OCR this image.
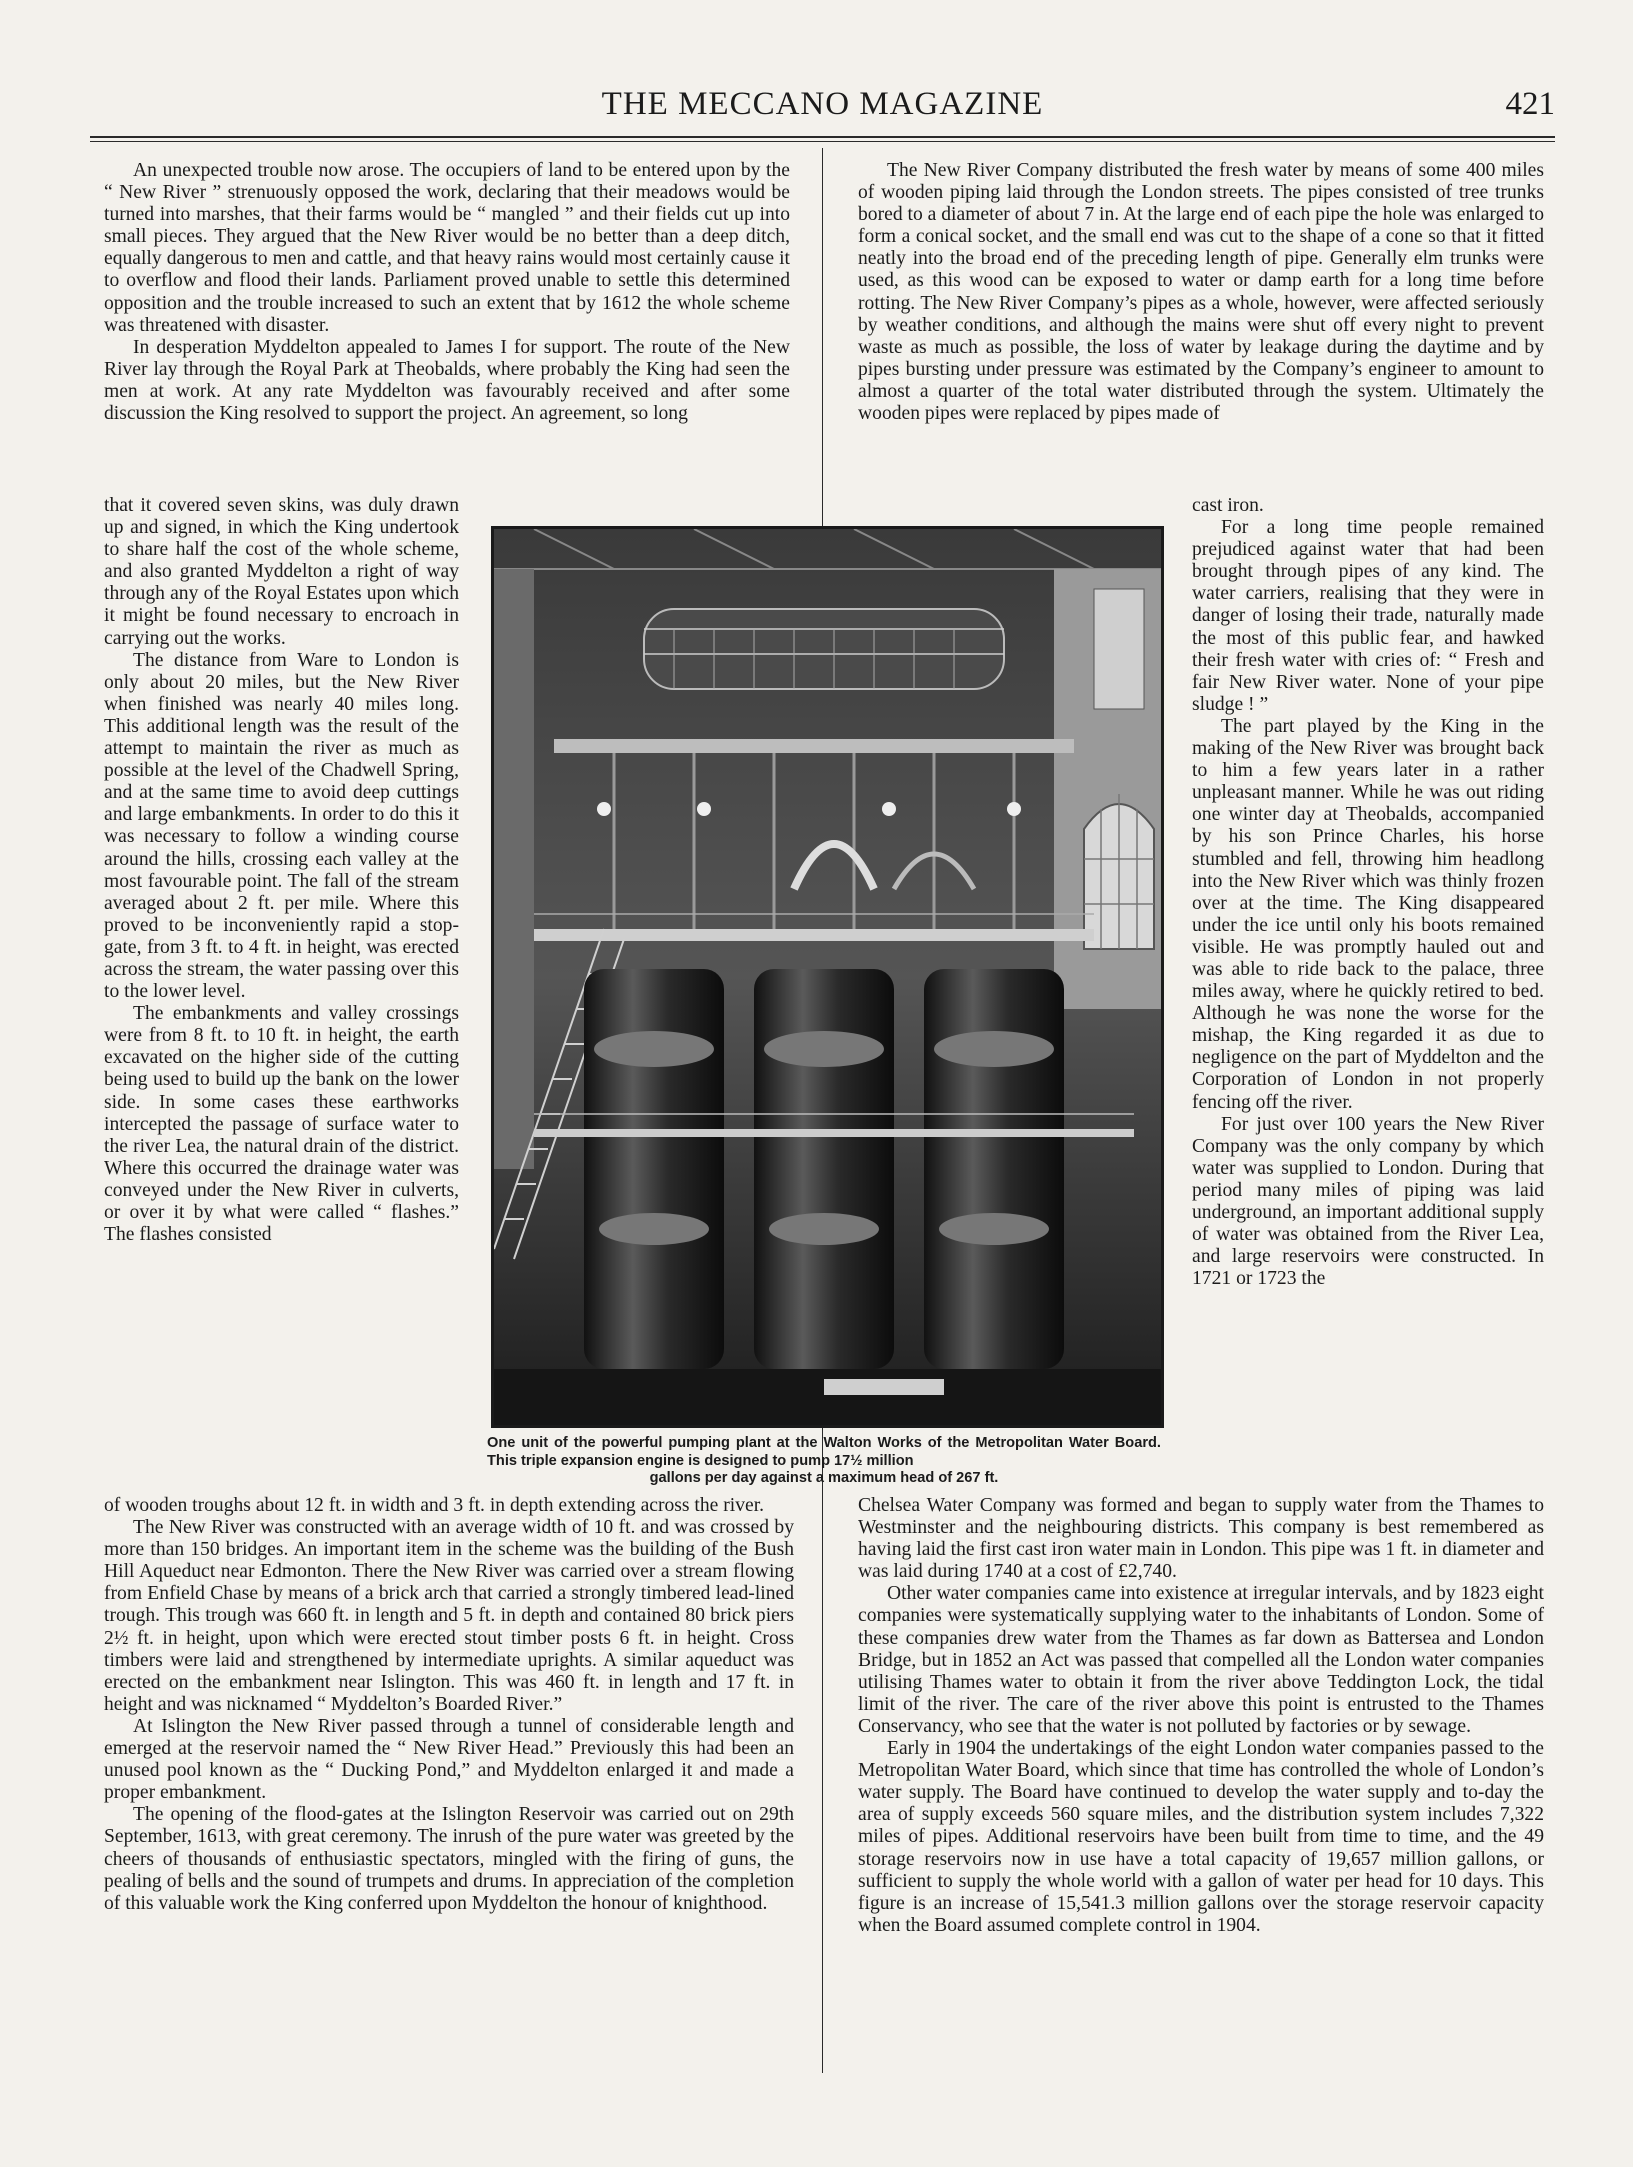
THE MECCANO MAGAZINE	421

An unexpected trouble now arose. The occupiers of land to be entered upon by the “ New River ” strenuously opposed the work, declaring that their meadows would be turned into marshes, that their farms would be “ mangled ” and their fields cut up into small pieces. They argued that the New River would be no better than a deep ditch, equally dangerous to men and cattle, and that heavy rains would most certainly cause it to overflow and flood their lands. Parliament proved unable to settle this determined opposition and the trouble increased to such an extent that by 1612 the whole scheme was threatened with disaster.

In desperation Myddelton appealed to James I for support. The route of the New River lay through the Royal Park at Theobalds, where probably the King had seen the men at work. At any rate Myddelton was favourably received and after some discussion the King resolved to support the project. An agreement, so long

that it covered seven skins, was duly drawn up and signed, in which the King undertook to share half the cost of the whole scheme, and also granted Myddelton a right of way through any of the Royal Estates upon which it might be found necessary to encroach in carrying out the works.

The distance from Ware to London is only about 20 miles, but the New River when finished was nearly 40 miles long. This additional length was the result of the attempt to maintain the river as much as possible at the level of the Chadwell Spring, and at the same time to avoid deep cuttings and large embankments. In order to do this it was necessary to follow a winding course around the hills, crossing each valley at the most favourable point. The fall of the stream averaged about 2 ft. per mile. Where this proved to be inconveniently rapid a stop-gate, from 3 ft. to 4 ft. in height, was erected across the stream, the water passing over this to the lower level.

The embankments and valley crossings were from 8 ft. to 10 ft. in height, the earth excavated on the higher side of the cutting being used to build up the bank on the lower side. In some cases these earthworks intercepted the passage of surface water to the river Lea, the natural drain of the district. Where this occurred the drainage water was conveyed under the New River in culverts, or over it by what were called “ flashes.” The flashes consisted

of wooden troughs about 12 ft. in width and 3 ft. in depth extending across the river.

The New River was constructed with an average width of 10 ft. and was crossed by more than 150 bridges. An important item in the scheme was the building of the Bush Hill Aqueduct near Edmonton. There the New River was carried over a stream flowing from Enfield Chase by means of a brick arch that carried a strongly timbered lead-lined trough. This trough was 660 ft. in length and 5 ft. in depth and contained 80 brick piers 2½ ft. in height, upon which were erected stout timber posts 6 ft. in height. Cross timbers were laid and strengthened by intermediate uprights. A similar aqueduct was erected on the embankment near Islington. This was 460 ft. in length and 17 ft. in height and was nicknamed “ Myddelton’s Boarded River.”

At Islington the New River passed through a tunnel of considerable length and emerged at the reservoir named the “ New River Head.” Previously this had been an unused pool known as the “ Ducking Pond,” and Myddelton enlarged it and made a proper embankment.

The opening of the flood-gates at the Islington Reservoir was carried out on 29th September, 1613, with great ceremony. The inrush of the pure water was greeted by the cheers of thousands of enthusiastic spectators, mingled with the firing of guns, the pealing of bells and the sound of trumpets and drums. In appreciation of the completion of this valuable work the King conferred upon Myddelton the honour of knighthood.

The New River Company distributed the fresh water by means of some 400 miles of wooden piping laid through the London streets. The pipes consisted of tree trunks bored to a diameter of about 7 in. At the large end of each pipe the hole was enlarged to form a conical socket, and the small end was cut to the shape of a cone so that it fitted neatly into the broad end of the preceding length of pipe. Generally elm trunks were used, as this wood can be exposed to water or damp earth for a long time before rotting. The New River Company’s pipes as a whole, however, were affected seriously by weather conditions, and although the mains were shut off every night to prevent waste as much as possible, the loss of water by leakage during the daytime and by pipes bursting under pressure was estimated by the Company’s engineer to amount to almost a quarter of the total water distributed through the system. Ultimately the wooden pipes were replaced by pipes made of

cast iron.

For a long time people remained prejudiced against water that had been brought through pipes of any kind. The water carriers, realising that they were in danger of losing their trade, naturally made the most of this public fear, and hawked their fresh water with cries of: “ Fresh and fair New River water. None of your pipe sludge ! ”

The part played by the King in the making of the New River was brought back to him a few years later in a rather unpleasant manner. While he was out riding one winter day at Theobalds, accompanied by his son Prince Charles, his horse stumbled and fell, throwing him headlong into the New River which was thinly frozen over at the time. The King disappeared under the ice until only his boots remained visible. He was promptly hauled out and was able to ride back to the palace, three miles away, where he quickly retired to bed. Although he was none the worse for the mishap, the King regarded it as due to negligence on the part of Myddelton and the Corporation of London in not properly fencing off the river.

For just over 100 years the New River Company was the only company by which water was supplied to London. During that period many miles of piping was laid underground, an important additional supply of water was obtained from the River Lea, and large reservoirs were constructed. In 1721 or 1723 the

Chelsea Water Company was formed and began to supply water from the Thames to Westminster and the neighbouring districts. This company is best remembered as having laid the first cast iron water main in London. This pipe was 1 ft. in diameter and was laid during 1740 at a cost of £2,740.

Other water companies came into existence at irregular intervals, and by 1823 eight companies were systematically supplying water to the inhabitants of London. Some of these companies drew water from the Thames as far down as Battersea and London Bridge, but in 1852 an Act was passed that compelled all the London water companies utilising Thames water to obtain it from the river above Teddington Lock, the tidal limit of the river. The care of the river above this point is entrusted to the Thames Conservancy, who see that the water is not polluted by factories or by sewage.

Early in 1904 the undertakings of the eight London water companies passed to the Metropolitan Water Board, which since that time has controlled the whole of London’s water supply. The Board have continued to develop the water supply and to-day the area of supply exceeds 560 square miles, and the distribution system includes 7,322 miles of pipes. Additional reservoirs have been built from time to time, and the 49 storage reservoirs now in use have a total capacity of 19,657 million gallons, or sufficient to supply the whole world with a gallon of water per head for 10 days. This figure is an increase of 15,541.3 million gallons over the storage reservoir capacity when the Board assumed complete control in 1904.

One unit of the powerful pumping plant at the Walton Works of the Metropolitan Water Board. This triple expansion engine is designed to pump 17½ million
gallons per day against a maximum head of 267 ft.
